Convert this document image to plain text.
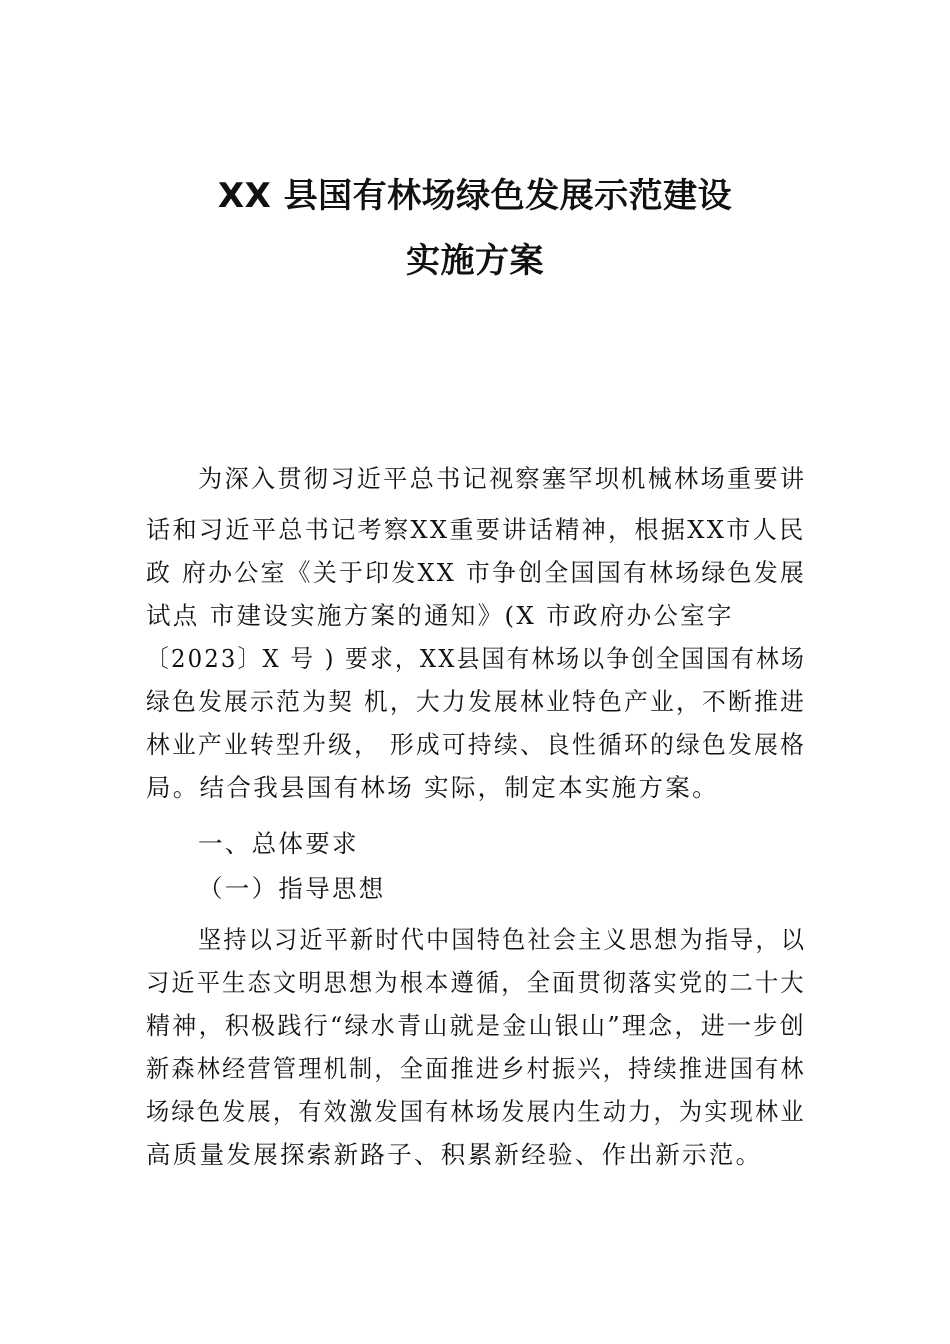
XX 县国有林场绿色发展示范建设
实施方案
为深入贯彻习近平总书记视察塞罕坝机械林场重要讲
话和习近平总书记考察XX重要讲话精神，根据XX市人民
政 府办公室《关于印发XX 市争创全国国有林场绿色发展
试点 市建设实施方案的通知》(X 市政府办公室字
〔2023〕X 号 ) 要求，XX县国有林场以争创全国国有林场
绿色发展示范为契 机，大力发展林业特色产业，不断推进
林业产业转型升级， 形成可持续、良性循环的绿色发展格
局。结合我县国有林场 实际，制定本实施方案。
一、总体要求
（一）指导思想
坚持以习近平新时代中国特色社会主义思想为指导，以
习近平生态文明思想为根本遵循，全面贯彻落实党的二十大
精神，积极践行“绿水青山就是金山银山”理念，进一步创
新森林经营管理机制，全面推进乡村振兴，持续推进国有林
场绿色发展，有效激发国有林场发展内生动力，为实现林业
高质量发展探索新路子、积累新经验、作出新示范。
